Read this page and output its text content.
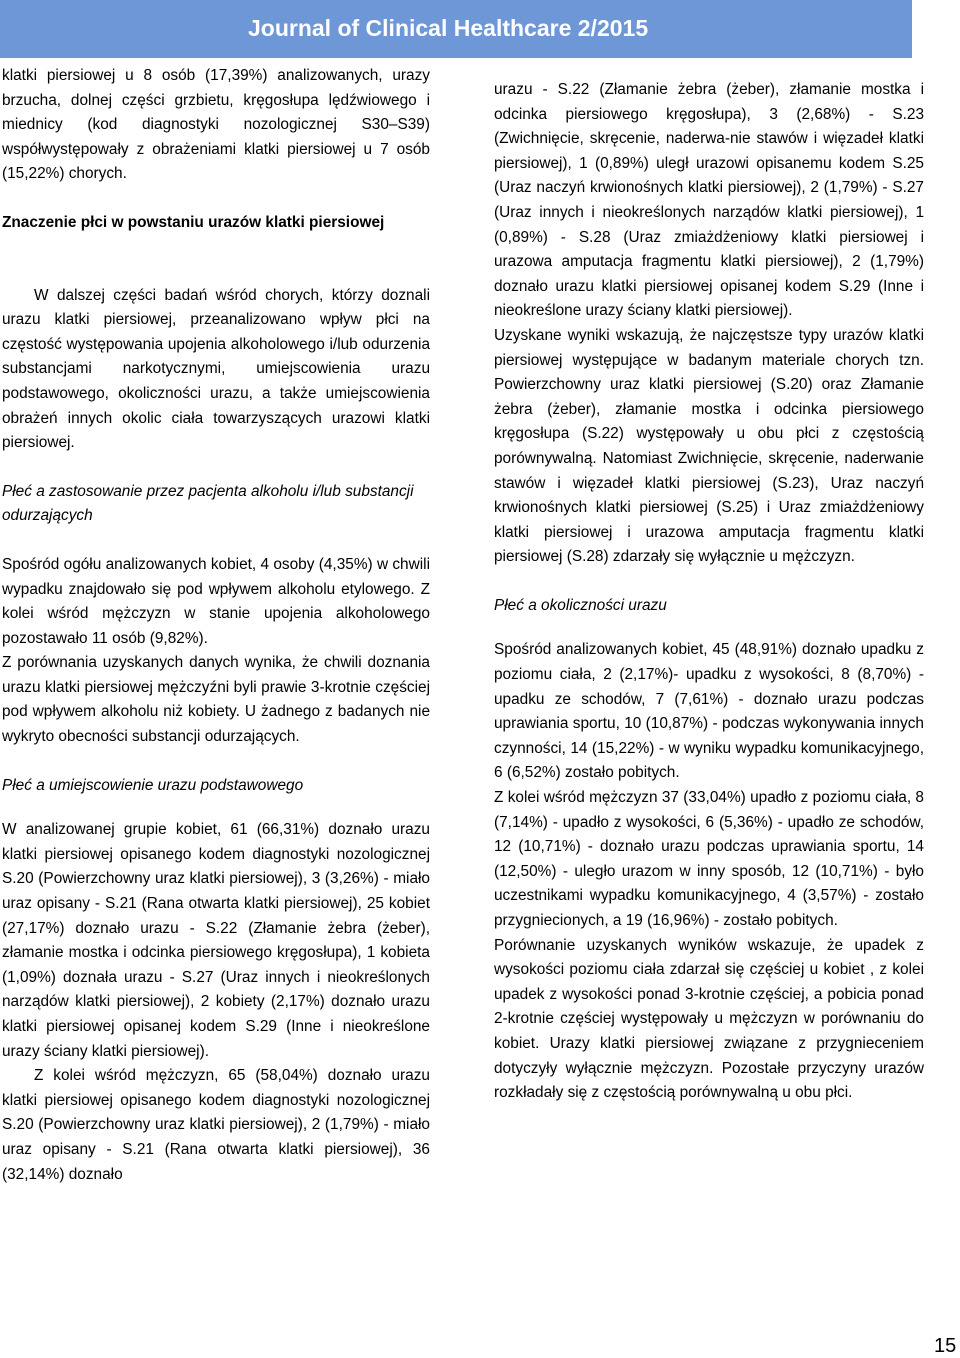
Journal of Clinical Healthcare 2/2015

klatki piersiowej u 8 osób (17,39%) analizowanych, urazy brzucha, dolnej części grzbietu, kręgosłupa lędźwiowego i miednicy (kod diagnostyki nozologicznej S30–S39) współwystępowały z obrażeniami klatki piersiowej u 7 osób (15,22%) chorych.

Znaczenie płci w powstaniu urazów klatki piersiowej

W dalszej części badań wśród chorych, którzy doznali urazu klatki piersiowej, przeanalizowano wpływ płci na częstość występowania upojenia alkoholowego i/lub odurzenia substancjami narkotycznymi, umiejscowienia urazu podstawowego, okoliczności urazu, a także umiejscowienia obrażeń innych okolic ciała towarzyszących urazowi klatki piersiowej.

Płeć a zastosowanie przez pacjenta alkoholu i/lub substancji odurzających

Spośród ogółu analizowanych kobiet, 4 osoby (4,35%) w chwili wypadku znajdowało się pod wpływem alkoholu etylowego. Z kolei wśród mężczyzn w stanie upojenia alkoholowego pozostawało 11 osób (9,82%).

Z porównania uzyskanych danych wynika, że chwili doznania urazu klatki piersiowej mężczyźni byli prawie 3-krotnie częściej pod wpływem alkoholu niż kobiety. U żadnego z badanych nie wykryto obecności substancji odurzających.

Płeć a umiejscowienie urazu podstawowego

W analizowanej grupie kobiet, 61 (66,31%) doznało urazu klatki piersiowej opisanego kodem diagnostyki nozologicznej S.20 (Powierzchowny uraz klatki piersiowej), 3 (3,26%) - miało uraz opisany - S.21 (Rana otwarta klatki piersiowej), 25 kobiet (27,17%) doznało urazu - S.22 (Złamanie żebra (żeber), złamanie mostka i odcinka piersiowego kręgosłupa), 1 kobieta (1,09%) doznała urazu - S.27 (Uraz innych i nieokreślonych narządów klatki piersiowej), 2 kobiety (2,17%) doznało urazu klatki piersiowej opisanej kodem S.29 (Inne i nieokreślone urazy ściany klatki piersiowej).

Z kolei wśród mężczyzn, 65 (58,04%) doznało urazu klatki piersiowej opisanego kodem diagnostyki nozologicznej S.20 (Powierzchowny uraz klatki piersiowej), 2 (1,79%) - miało uraz opisany - S.21 (Rana otwarta klatki piersiowej), 36 (32,14%) doznało

urazu - S.22 (Złamanie żebra (żeber), złamanie mostka i odcinka piersiowego kręgosłupa), 3 (2,68%) - S.23 (Zwichnięcie, skręcenie, naderwa-nie stawów i więzadeł klatki piersiowej), 1 (0,89%) uległ urazowi opisanemu kodem S.25 (Uraz naczyń krwionośnych klatki piersiowej), 2 (1,79%) - S.27 (Uraz innych i nieokreślonych narządów klatki piersiowej), 1 (0,89%) - S.28 (Uraz zmiażdżeniowy klatki piersiowej i urazowa amputacja fragmentu klatki piersiowej), 2 (1,79%) doznało urazu klatki piersiowej opisanej kodem S.29 (Inne i nieokreślone urazy ściany klatki piersiowej).

Uzyskane wyniki wskazują, że najczęstsze typy urazów klatki piersiowej występujące w badanym materiale chorych tzn. Powierzchowny uraz klatki piersiowej (S.20) oraz Złamanie żebra (żeber), złamanie mostka i odcinka piersiowego kręgosłupa (S.22) występowały u obu płci z częstością porównywalną. Natomiast Zwichnięcie, skręcenie, naderwanie stawów i więzadeł klatki piersiowej (S.23), Uraz naczyń krwionośnych klatki piersiowej (S.25) i Uraz zmiażdżeniowy klatki piersiowej i urazowa amputacja fragmentu klatki piersiowej (S.28) zdarzały się wyłącznie u mężczyzn.

Płeć a okoliczności urazu

Spośród analizowanych kobiet, 45 (48,91%) doznało upadku z poziomu ciała, 2 (2,17%)- upadku z wysokości, 8 (8,70%) - upadku ze schodów, 7 (7,61%) - doznało urazu podczas uprawiania sportu, 10 (10,87%) - podczas wykonywania innych czynności, 14 (15,22%) - w wyniku wypadku komunikacyjnego, 6 (6,52%) zostało pobitych.

Z kolei wśród mężczyzn 37 (33,04%) upadło z poziomu ciała, 8 (7,14%) - upadło z wysokości, 6 (5,36%) - upadło ze schodów, 12 (10,71%) - doznało urazu podczas uprawiania sportu, 14 (12,50%) - uległo urazom w inny sposób, 12 (10,71%) - było uczestnikami wypadku komunikacyjnego, 4 (3,57%) - zostało przygniecionych, a 19 (16,96%) - zostało pobitych.

Porównanie uzyskanych wyników wskazuje, że upadek z wysokości poziomu ciała zdarzał się częściej u kobiet , z kolei upadek z wysokości ponad 3-krotnie częściej, a pobicia ponad 2-krotnie częściej występowały u mężczyzn w porównaniu do kobiet. Urazy klatki piersiowej związane z przygnieceniem dotyczyły wyłącznie mężczyzn. Pozostałe przyczyny urazów rozkładały się z częstością porównywalną u obu płci.

15
